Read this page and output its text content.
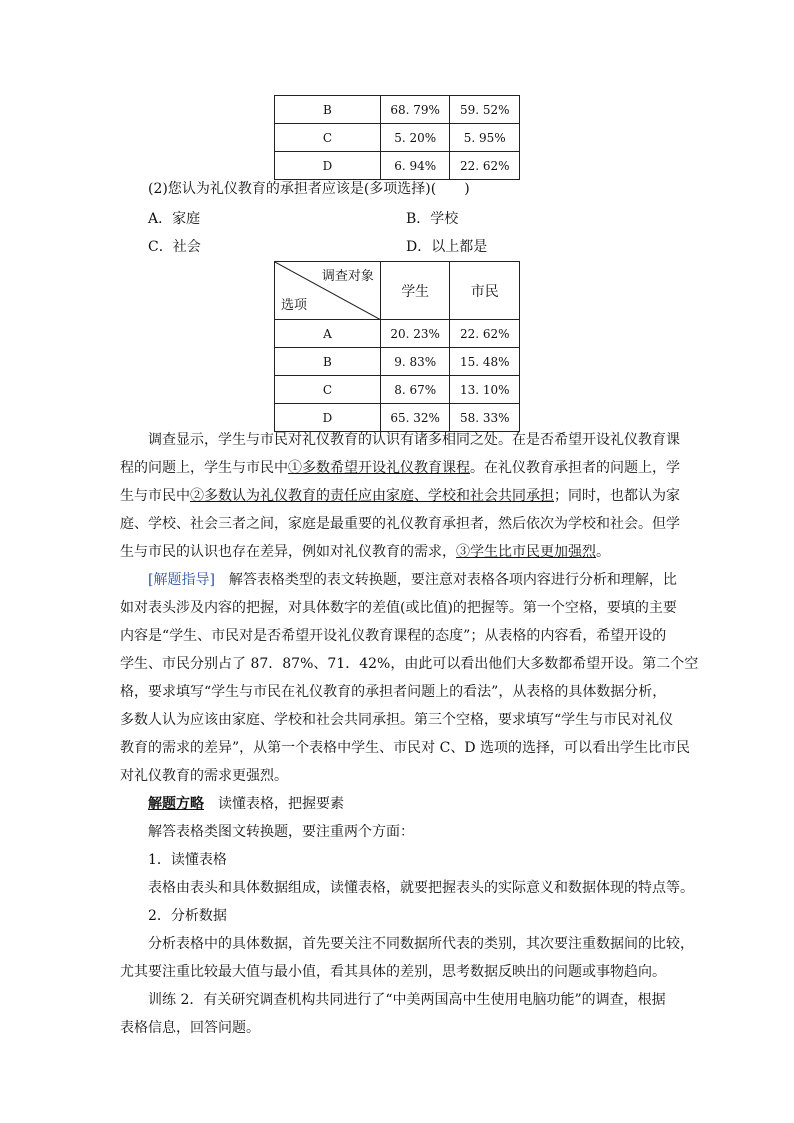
B	68. 79%	59. 52%
C	5. 20%	5. 95%
D	6. 94%	22. 62%
(2)您认为礼仪教育的承担者应该是(多项选择)(　　)
A．家庭	B．学校
C．社会	D．以上都是
调查对象
选项	学生	市民
A	20. 23%	22. 62%
B	9. 83%	15. 48%
C	8. 67%	13. 10%
D	65. 32%	58. 33%
调查显示，学生与市民对礼仪教育的认识有诸多相同之处。在是否希望开设礼仪教育课
程的问题上，学生与市民中①多数希望开设礼仪教育课程。在礼仪教育承担者的问题上，学
生与市民中②多数认为礼仪教育的责任应由家庭、学校和社会共同承担；同时，也都认为家
庭、学校、社会三者之间，家庭是最重要的礼仪教育承担者，然后依次为学校和社会。但学
生与市民的认识也存在差异，例如对礼仪教育的需求，③学生比市民更加强烈。
[解题指导]　解答表格类型的表文转换题，要注意对表格各项内容进行分析和理解，比
如对表头涉及内容的把握，对具体数字的差值(或比值)的把握等。第一个空格，要填的主要
内容是“学生、市民对是否希望开设礼仪教育课程的态度”；从表格的内容看，希望开设的
学生、市民分别占了 87．87%、71．42%，由此可以看出他们大多数都希望开设。第二个空
格，要求填写“学生与市民在礼仪教育的承担者问题上的看法”，从表格的具体数据分析，
多数人认为应该由家庭、学校和社会共同承担。第三个空格，要求填写“学生与市民对礼仪
教育的需求的差异”，从第一个表格中学生、市民对 C、D 选项的选择，可以看出学生比市民
对礼仪教育的需求更强烈。
解题方略　读懂表格，把握要素
解答表格类图文转换题，要注重两个方面：
1．读懂表格
表格由表头和具体数据组成，读懂表格，就要把握表头的实际意义和数据体现的特点等。
2．分析数据
分析表格中的具体数据，首先要关注不同数据所代表的类别，其次要注重数据间的比较，
尤其要注重比较最大值与最小值，看其具体的差别，思考数据反映出的问题或事物趋向。
训练 2．有关研究调查机构共同进行了“中美两国高中生使用电脑功能”的调查，根据
表格信息，回答问题。
